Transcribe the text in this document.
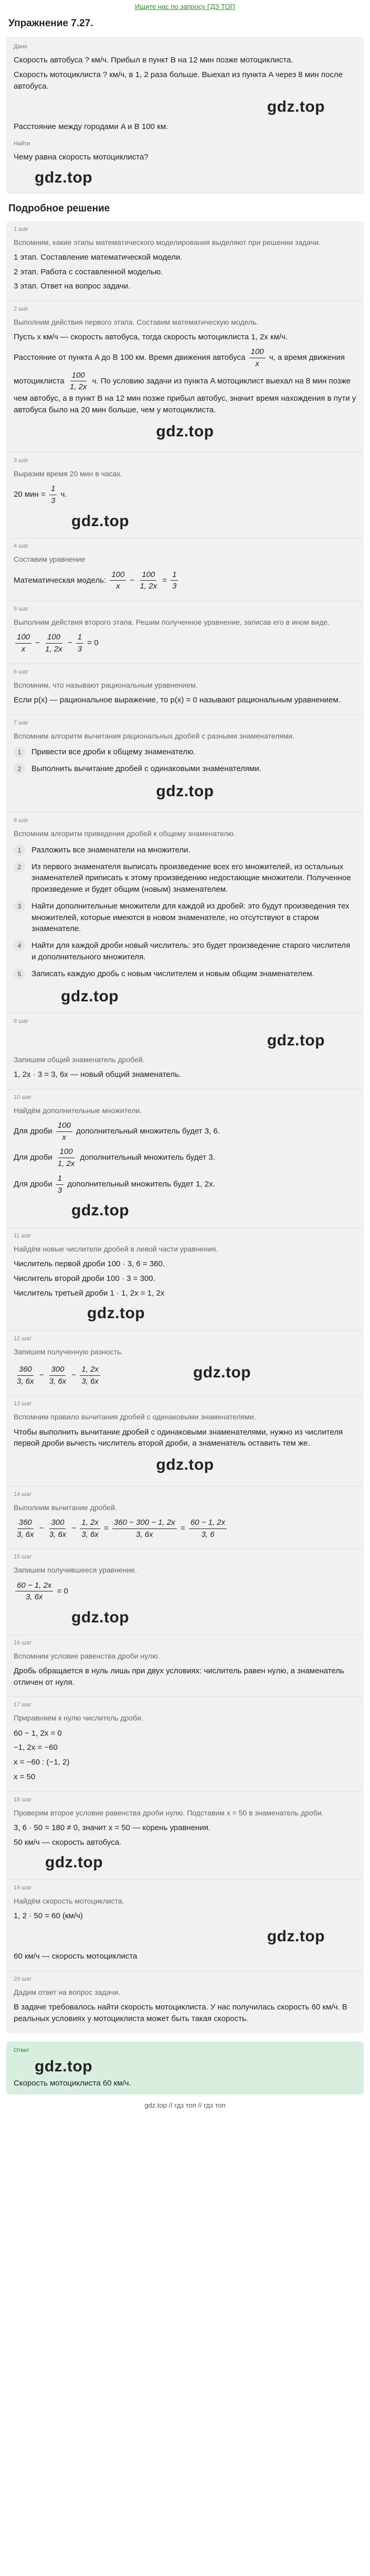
Ищите нас по запросу ГДЗ ТОП
Упражнение 7.27.
Дано

Скорость автобуса ? км/ч. Прибыл в пункт B на 12 мин позже мотоциклиста.

Скорость мотоциклиста ? км/ч, в 1, 2 раза больше. Выехал из пункта A через 8 мин после автобуса.

gdz.top

Расстояние между городами A и B 100 км.

Найти

Чему равна скорость мотоциклиста?

gdz.top
Подробное решение
1 шаг
Вспомним, какие этапы математического моделирования выделяют при решении задачи.

1 этап. Составление математической модели.

2 этап. Работа с составленной моделью.

3 этап. Ответ на вопрос задачи.

2 шаг
Выполним действия первого этапа. Составим математическую модель.

Пусть x км/ч — скорость автобуса, тогда скорость мотоциклиста 1, 2x км/ч.

Расстояние от пункта A до B 100 км. Время движения автобуса $\frac{100}{x} ч$, а время движения мотоциклиста $\frac{100}{1, 2x} ч$. По условию задачи из пункта A мотоциклист выехал на 8 мин позже чем автобус, а в пункт B на 12 мин позже прибыл автобус, значит время нахождения в пути у автобуса было на 20 мин больше, чем у мотоциклиста.

gdz.top
3 шаг
Выразим время 20 мин в часах.

20 мин = $\frac{1}{3} ч$.

gdz.top
4 шаг
Составим уравнение

Математическая модель: $\frac{100}{x} - \frac{100}{1, 2x} = \frac{1}{3}$

5 шаг
Выполним действия второго этапа. Решим полученное уравнение, записав его в ином виде.

$\frac{100}{x} - \frac{100}{1, 2x} - \frac{1}{3} = 0$

6 шаг
Вспомним, что называют рациональным уравнением.

Если p(x) — рациональное выражение, то p(x) = 0 называют рациональным уравнением.

7 шаг
Вспомним алгоритм вычитания рациональных дробей с разными знаменателями.
1	Привести все дроби к общему знаменателю.
2	Выполнить вычитание дробей с одинаковыми знаменателями.
gdz.top
8 шаг
Вспомним алгоритм приведения дробей к общему знаменателю.
1	Разложить все знаменатели на множители.
2	Из первого знаменателя выписать произведение всех его множителей, из остальных знаменателей приписать к этому произведению недостающие множители. Полученное произведение и будет общим (новым) знаменателем.
3	Найти дополнительные множители для каждой из дробей: это будут произведения тех множителей, которые имеются в новом знаменателе, но отсутствуют в старом знаменателе.
4	Найти для каждой дроби новый числитель: это будет произведение старого числителя и дополнительного множителя.
5	Записать каждую дробь с новым числителем и новым общим знаменателем.
gdz.top
9 шаг
gdz.top
Запишем общий знаменатель дробей.

1, 2x · 3 = 3, 6x — новый общий знаменатель.

10 шаг
Найдём дополнительные множители.

Для дроби $\frac{100}{x}$ дополнительный множитель будет 3, 6.

Для дроби $\frac{100}{1, 2x}$ дополнительный множитель будет 3.

Для дроби $\frac{1}{3}$ дополнительный множитель будет 1, 2x.

gdz.top
11 шаг
Найдём новые числители дробей в левой части уравнения.

Числитель первой дроби 100 · 3, 6 = 360.

Числитель второй дроби 100 · 3 = 300.

Числитель третьей дроби 1 · 1, 2x = 1, 2x

gdz.top
12 шаг
Запишем полученную разность.

$\frac{360}{3, 6x} - \frac{300}{3, 6x} - \frac{1, 2x}{3, 6x}$	gdz.top

13 шаг
Вспомним правило вычитания дробей с одинаковыми знаменателями.

Чтобы выполнить вычитание дробей с одинаковыми знаменателями, нужно из числителя первой дроби вычесть числитель второй дроби, а знаменатель оставить тем же.

gdz.top
14 шаг
Выполним вычитание дробей.

$\frac{360}{3, 6x} - \frac{300}{3, 6x} - \frac{1, 2x}{3, 6x} = \frac{360 - 300 - 1, 2x}{3, 6x} = \frac{60 - 1, 2x}{3, 6}$

15 шаг
Запишем получившееся уравнение.

$\frac{60 - 1, 2x}{3, 6x} = 0$

gdz.top
16 шаг
Вспомним условие равенства дроби нулю.

Дробь обращается в нуль лишь при двух условиях: числитель равен нулю, а знаменатель отличен от нуля.

17 шаг
Приравняем к нулю числитель дроби.

60 − 1, 2x = 0

−1, 2x = −60

x = −60 : (−1, 2)

x = 50

18 шаг
Проверим второе условие равенства дроби нулю. Подставим x = 50 в знаменатель дроби.

3, 6 · 50 = 180 ≠ 0, значит x = 50 — корень уравнения.

50 км/ч — скорость автобуса.

gdz.top
19 шаг
Найдём скорость мотоциклиста.

1, 2 · 50 = 60 (км/ч)

gdz.top

60 км/ч — скорость мотоциклиста

20 шаг
Дадим ответ на вопрос задачи.

В задаче требовалось найти скорость мотоциклиста. У нас получилась скорость 60 км/ч. В реальных условиях у мотоциклиста может быть такая скорость.

Ответ
gdz.top
Скорость мотоциклиста 60 км/ч.
gdz.top // гдз топ // гдз топ
